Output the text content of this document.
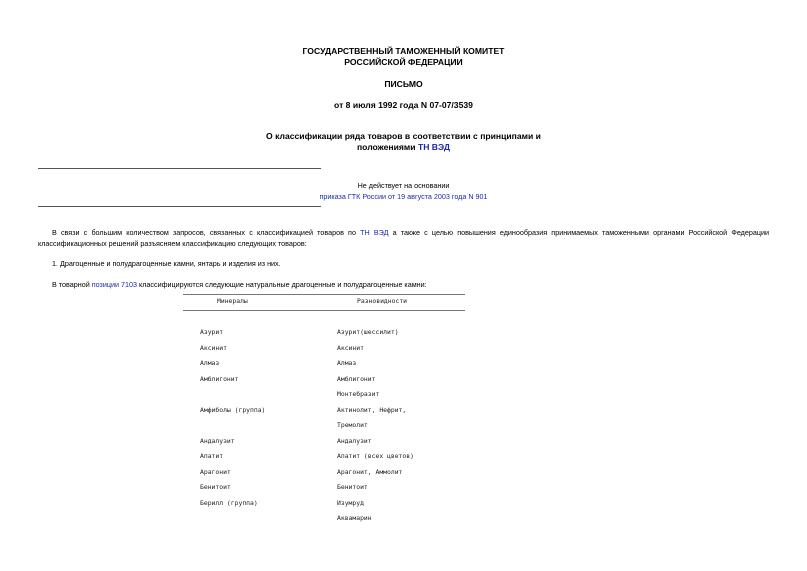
ГОСУДАРСТВЕННЫЙ ТАМОЖЕННЫЙ КОМИТЕТ
РОССИЙСКОЙ ФЕДЕРАЦИИ
ПИСЬМО
от 8 июля 1992 года N 07-07/3539
О классификации ряда товаров в соответствии с принципами и
положениями ТН ВЭД
Не действует на основании
приказа ГТК России от 19 августа 2003 года N 901
В связи с большим количеством запросов, связанных с классификацией товаров по ТН ВЭД а также с целью повышения единообразия принимаемых таможенными органами Российской Федерации классификационных решений разъясняем классификацию следующих товаров:
1. Драгоценные и полудрагоценные камни, янтарь и изделия из них.
В товарной позиции 7103 классифицируются следующие натуральные драгоценные и полудрагоценные камни:
Минералы	Разновидности
Азурит	Азурит(шессилит)
Аксинит	Аксинит
Алмаз	Алмаз
Амблигонит	Амблигонит
Монтебразит
Амфиболы (группа)	Актинолит, Нефрит,
Тремолит
Андалузит	Андалузит
Апатит	Апатит (всех цветов)
Арагонит	Арагонит, Аммолит
Бенитоит	Бенитоит
Берилл (группа)	Изумруд
Аквамарин
